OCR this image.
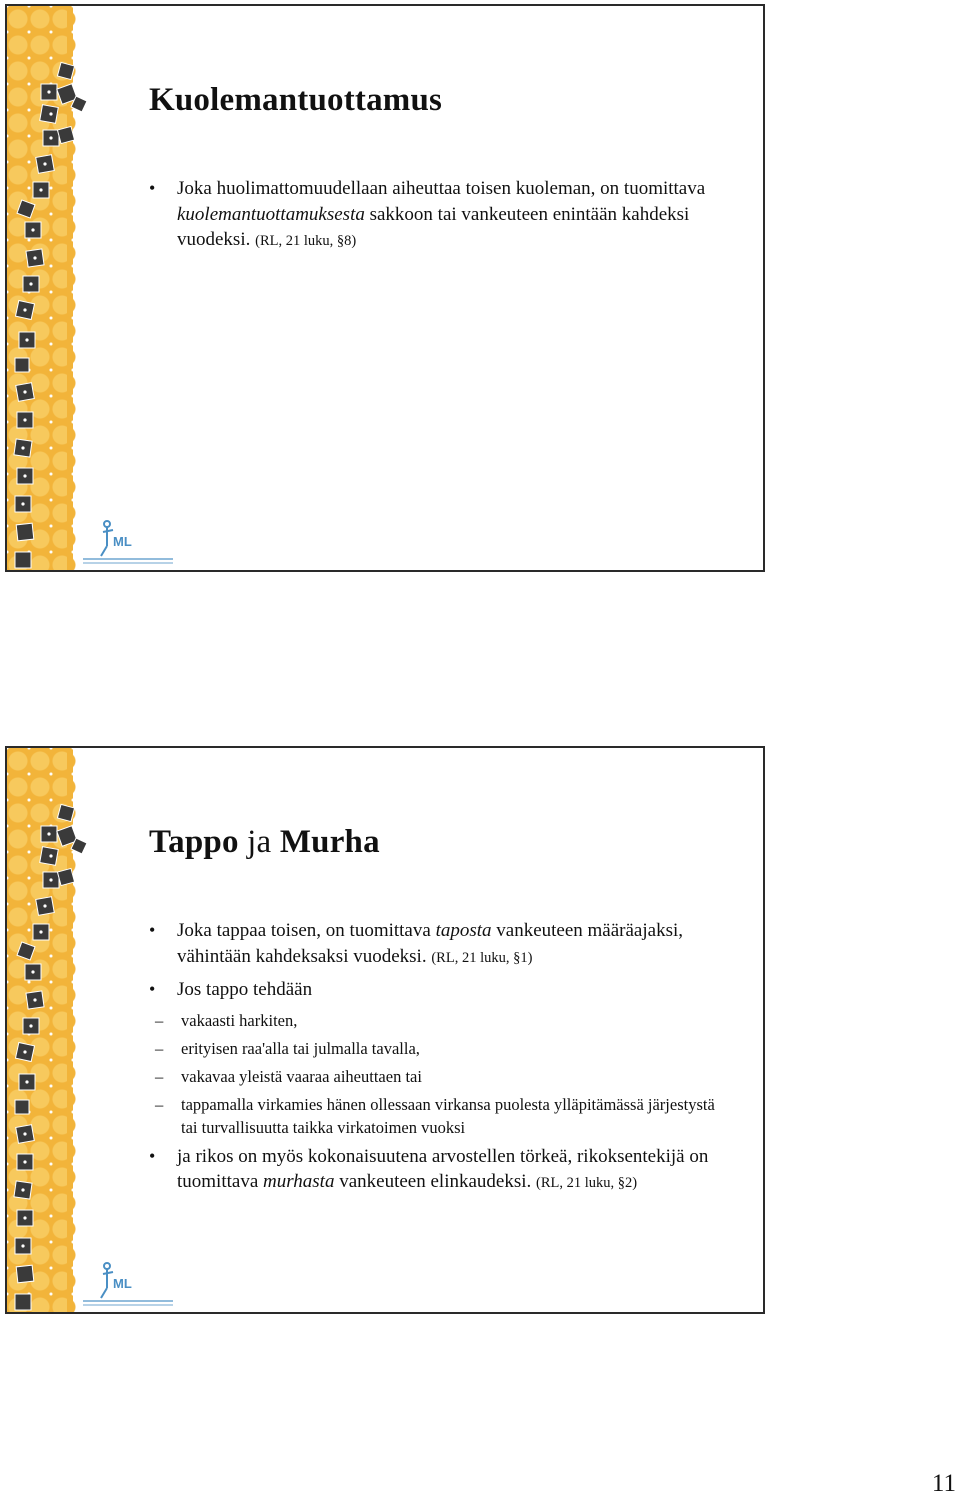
ML
Kuolemantuottamus
• Joka huolimattomuudellaan aiheuttaa toisen kuoleman, on tuomittava kuolemantuottamuksesta sakkoon tai vankeuteen enintään kahdeksi vuodeksi. (RL, 21 luku, §8)
ML
Tappo ja Murha
• Joka tappaa toisen, on tuomittava taposta vankeuteen määräajaksi, vähintään kahdeksaksi vuodeksi. (RL, 21 luku, §1)
• Jos tappo tehdään
– vakaasti harkiten,
– erityisen raa'alla tai julmalla tavalla,
– vakavaa yleistä vaaraa aiheuttaen tai
– tappamalla virkamies hänen ollessaan virkansa puolesta ylläpitämässä järjestystä tai turvallisuutta taikka virkatoimen vuoksi
• ja rikos on myös kokonaisuutena arvostellen törkeä, rikoksentekijä on tuomittava murhasta vankeuteen elinkaudeksi. (RL, 21 luku, §2)
11
